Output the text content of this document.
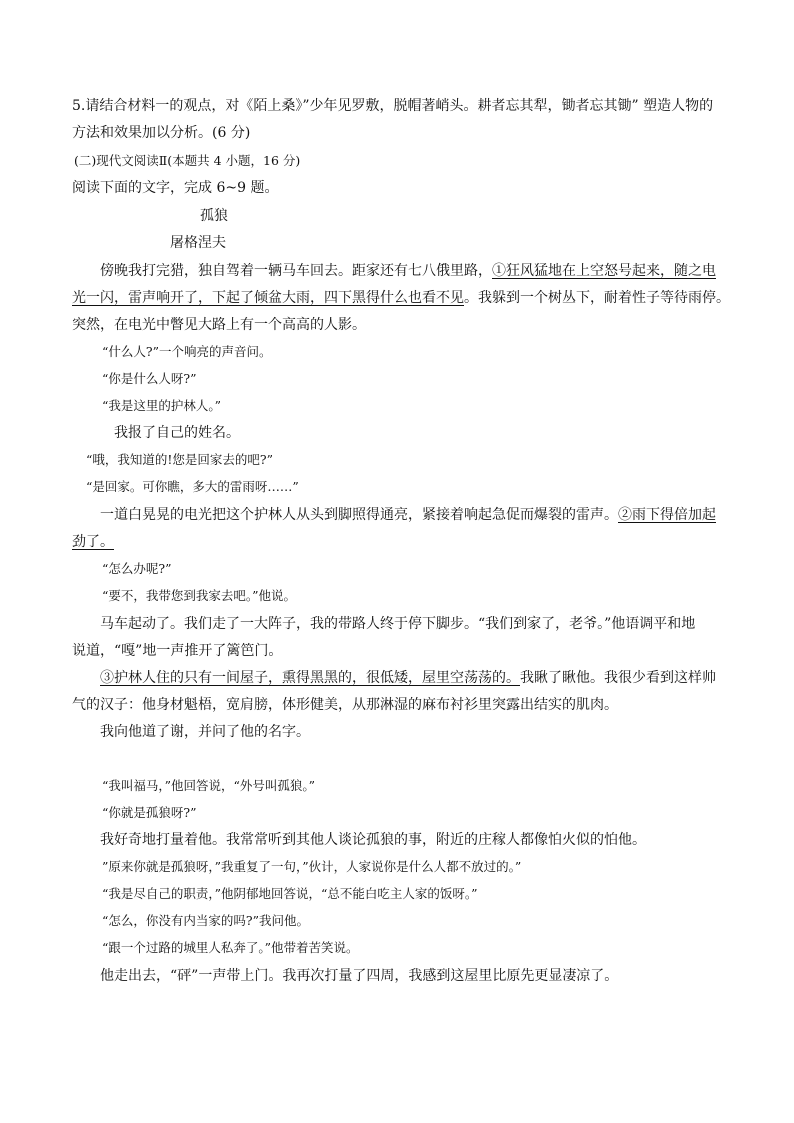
5.请结合材料一的观点，对《陌上桑》”少年见罗敷，脱帽著峭头。耕者忘其犁，锄者忘其锄” 塑造人物的
方法和效果加以分析。(6 分)
(二)现代文阅读Ⅱ(本题共 4 小题，16 分)
阅读下面的文字，完成 6~9 题。
孤狼
屠格涅夫
傍晚我打完猎，独自驾着一辆马车回去。距家还有七八俄里路，①狂风猛地在上空怒号起来，随之电
光一闪，雷声响开了，下起了倾盆大雨，四下黑得什么也看不见。我躲到一个树丛下，耐着性子等待雨停。
突然，在电光中瞥见大路上有一个高高的人影。
“什么人?”一个响亮的声音问。
“你是什么人呀?”
“我是这里的护林人。”
我报了自己的姓名。
“哦，我知道的!您是回家去的吧?”
“是回家。可你瞧，多大的雷雨呀……”
一道白晃晃的电光把这个护林人从头到脚照得通亮，紧接着响起急促而爆裂的雷声。②雨下得倍加起
劲了。
“怎么办呢?”
“要不，我带您到我家去吧。”他说。
马车起动了。我们走了一大阵子，我的带路人终于停下脚步。“我们到家了，老爷。”他语调平和地
说道，“嘎”地一声推开了篱笆门。
③护林人住的只有一间屋子，熏得黑黑的，很低矮，屋里空荡荡的。我瞅了瞅他。我很少看到这样帅
气的汉子：他身材魁梧，宽肩膀，体形健美，从那淋湿的麻布衬衫里突露出结实的肌肉。
我向他道了谢，并问了他的名字。
“我叫福马，”他回答说，“外号叫孤狼。”
“你就是孤狼呀?”
我好奇地打量着他。我常常听到其他人谈论孤狼的事，附近的庄稼人都像怕火似的怕他。
”原来你就是孤狼呀，”我重复了一句，”伙计，人家说你是什么人都不放过的。”
“我是尽自己的职责，”他阴郁地回答说，“总不能白吃主人家的饭呀。”
“怎么，你没有内当家的吗?”我问他。
“跟一个过路的城里人私奔了。”他带着苦笑说。
他走出去，“砰”一声带上门。我再次打量了四周，我感到这屋里比原先更显凄凉了。
